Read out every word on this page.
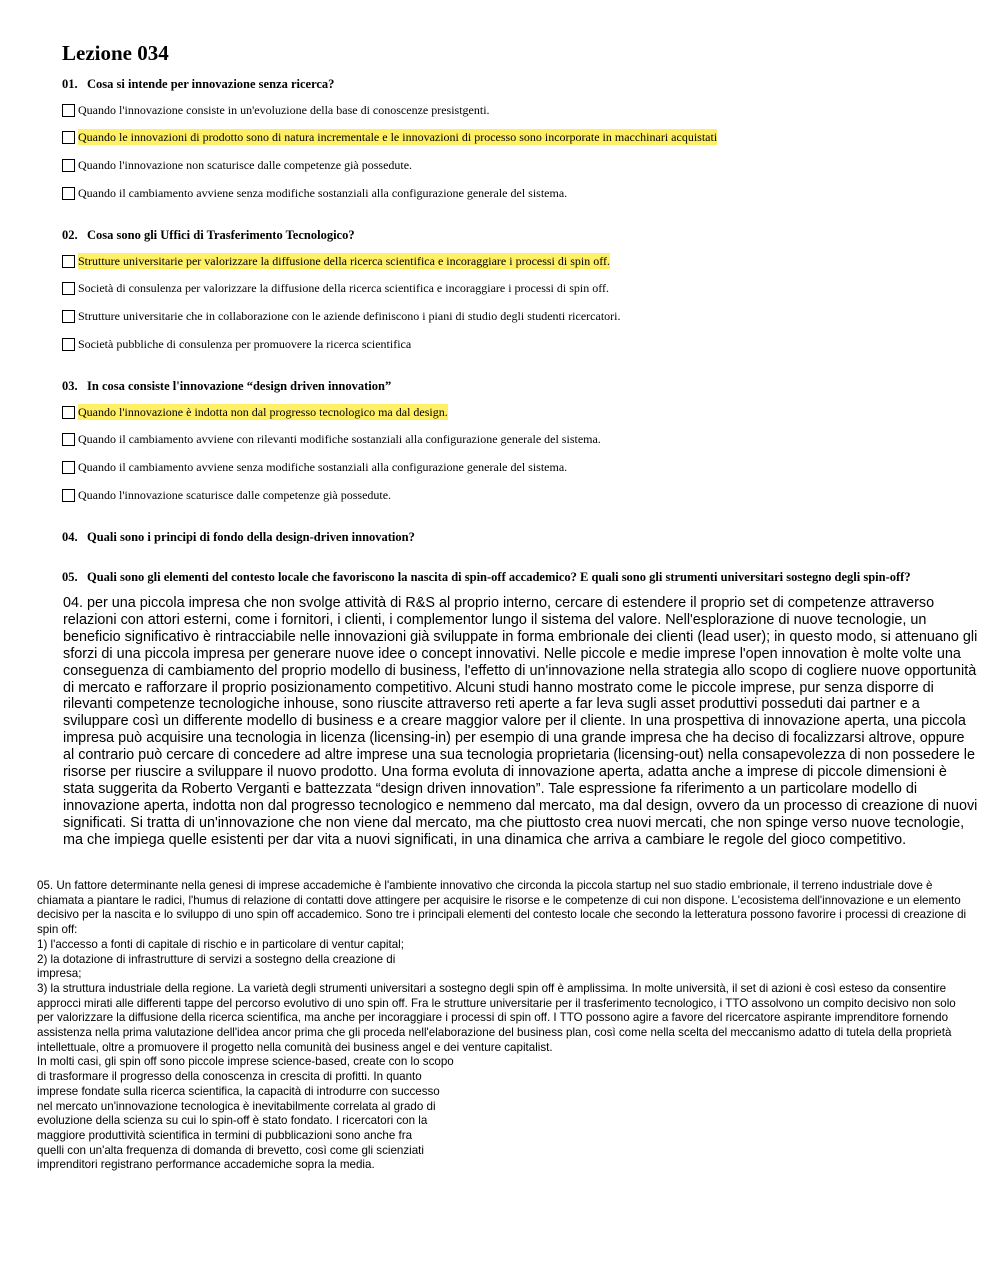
Lezione 034
01. Cosa si intende per innovazione senza ricerca?
Quando l'innovazione consiste in un'evoluzione della base di conoscenze presistgenti.
Quando le innovazioni di prodotto sono di natura incrementale e le innovazioni di processo sono incorporate in macchinari acquistati
Quando l'innovazione non scaturisce dalle competenze già possedute.
Quando il cambiamento avviene senza modifiche sostanziali alla configurazione generale del sistema.
02. Cosa sono gli Uffici di Trasferimento Tecnologico?
Strutture universitarie per valorizzare la diffusione della ricerca scientifica e incoraggiare i processi di spin off.
Società di consulenza per valorizzare la diffusione della ricerca scientifica e incoraggiare i processi di spin off.
Strutture universitarie che in collaborazione con le aziende definiscono i piani di studio degli studenti ricercatori.
Società pubbliche di consulenza per promuovere la ricerca scientifica
03. In cosa consiste l'innovazione “design driven innovation”
Quando l'innovazione è indotta non dal progresso tecnologico ma dal design.
Quando il cambiamento avviene con rilevanti modifiche sostanziali alla configurazione generale del sistema.
Quando il cambiamento avviene senza modifiche sostanziali alla configurazione generale del sistema.
Quando l'innovazione scaturisce dalle competenze già possedute.
04. Quali sono i principi di fondo della design-driven innovation?
05. Quali sono gli elementi del contesto locale che favoriscono la nascita di spin-off accademico? E quali sono gli strumenti universitari sostegno degli spin-off?

04. per una piccola impresa che non svolge attività di R&S al proprio interno, cercare di estendere il proprio set di competenze attraverso relazioni con attori esterni, come i fornitori, i clienti, i complementor lungo il sistema del valore. Nell'esplorazione di nuove tecnologie, un beneficio significativo è rintracciabile nelle innovazioni già sviluppate in forma embrionale dei clienti (lead user); in questo modo, si attenuano gli sforzi di una piccola impresa per generare nuove idee o concept innovativi. Nelle piccole e medie imprese l'open innovation è molte volte una conseguenza di cambiamento del proprio modello di business, l'effetto di un'innovazione nella strategia allo scopo di cogliere nuove opportunità di mercato e rafforzare il proprio posizionamento competitivo. Alcuni studi hanno mostrato come le piccole imprese, pur senza disporre di rilevanti competenze tecnologiche inhouse, sono riuscite attraverso reti aperte a far leva sugli asset produttivi posseduti dai partner e a sviluppare così un differente modello di business e a creare maggior valore per il cliente. In una prospettiva di innovazione aperta, una piccola impresa può acquisire una tecnologia in licenza (licensing-in) per esempio di una grande impresa che ha deciso di focalizzarsi altrove, oppure al contrario può cercare di concedere ad altre imprese una sua tecnologia proprietaria (licensing-out) nella consapevolezza di non possedere le risorse per riuscire a sviluppare il nuovo prodotto. Una forma evoluta di innovazione aperta, adatta anche a imprese di piccole dimensioni è stata suggerita da Roberto Verganti e battezzata “design driven innovation”. Tale espressione fa riferimento a un particolare modello di innovazione aperta, indotta non dal progresso tecnologico e nemmeno dal mercato, ma dal design, ovvero da un processo di creazione di nuovi significati. Si tratta di un'innovazione che non viene dal mercato, ma che piuttosto crea nuovi mercati, che non spinge verso nuove tecnologie, ma che impiega quelle esistenti per dar vita a nuovi significati, in una dinamica che arriva a cambiare le regole del gioco competitivo.

05. Un fattore determinante nella genesi di imprese accademiche è l'ambiente innovativo che circonda la piccola startup nel suo stadio embrionale, il terreno industriale dove è chiamata a piantare le radici, l'humus di relazione di contatti dove attingere per acquisire le risorse e le competenze di cui non dispone. L'ecosistema dell'innovazione e un elemento decisivo per la nascita e lo sviluppo di uno spin off accademico. Sono tre i principali elementi del contesto locale che secondo la letteratura possono favorire i processi di creazione di spin off:
1) l'accesso a fonti di capitale di rischio e in particolare di ventur capital;
2) la dotazione di infrastrutture di servizi a sostegno della creazione di
impresa;
3) la struttura industriale della regione. La varietà degli strumenti universitari a sostegno degli spin off è amplissima. In molte università, il set di azioni è così esteso da consentire approcci mirati alle differenti tappe del percorso evolutivo di uno spin off. Fra le strutture universitarie per il trasferimento tecnologico, i TTO assolvono un compito decisivo non solo per valorizzare la diffusione della ricerca scientifica, ma anche per incoraggiare i processi di spin off. I TTO possono agire a favore del ricercatore aspirante imprenditore fornendo assistenza nella prima valutazione dell'idea ancor prima che gli proceda nell'elaborazione del business plan, così come nella scelta del meccanismo adatto di tutela della proprietà intellettuale, oltre a promuovere il progetto nella comunità dei business angel e dei venture capitalist.
In molti casi, gli spin off sono piccole imprese science-based, create con lo scopo
di trasformare il progresso della conoscenza in crescita di profitti. In quanto
imprese fondate sulla ricerca scientifica, la capacità di introdurre con successo
nel mercato un'innovazione tecnologica è inevitabilmente correlata al grado di
evoluzione della scienza su cui lo spin-off è stato fondato. I ricercatori con la
maggiore produttività scientifica in termini di pubblicazioni sono anche fra
quelli con un'alta frequenza di domanda di brevetto, così come gli scienziati
imprenditori registrano performance accademiche sopra la media.
